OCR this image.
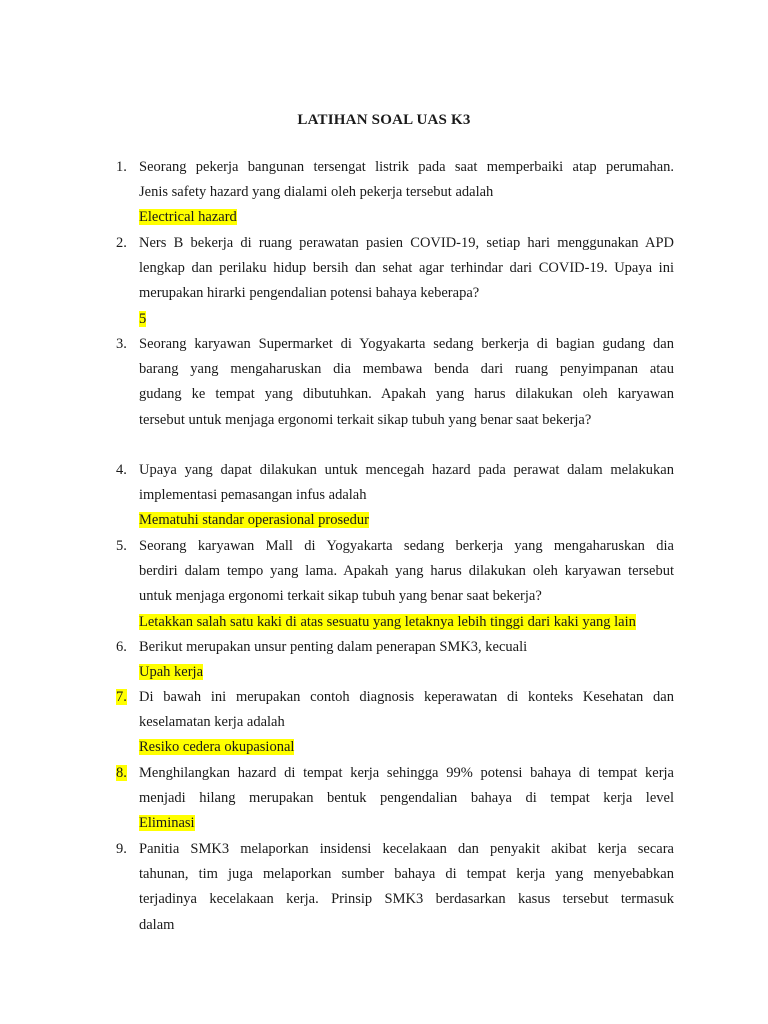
LATIHAN SOAL UAS K3
1. Seorang pekerja bangunan tersengat listrik pada saat memperbaiki atap perumahan.
Jenis safety hazard yang dialami oleh pekerja tersebut adalah
Electrical hazard
2. Ners B bekerja di ruang perawatan pasien COVID-19, setiap hari menggunakan APD
lengkap dan perilaku hidup bersih dan sehat agar terhindar dari COVID-19. Upaya ini
merupakan hirarki pengendalian potensi bahaya keberapa?
5
3. Seorang karyawan Supermarket di Yogyakarta sedang berkerja di bagian gudang dan
barang yang mengaharuskan dia membawa benda dari ruang penyimpanan atau
gudang ke tempat yang dibutuhkan. Apakah yang harus dilakukan oleh karyawan
tersebut untuk menjaga ergonomi terkait sikap tubuh yang benar saat bekerja?
4. Upaya yang dapat dilakukan untuk mencegah hazard pada perawat dalam melakukan
implementasi pemasangan infus adalah
Mematuhi standar operasional prosedur
5. Seorang karyawan Mall di Yogyakarta sedang berkerja yang mengaharuskan dia
berdiri dalam tempo yang lama. Apakah yang harus dilakukan oleh karyawan tersebut
untuk menjaga ergonomi terkait sikap tubuh yang benar saat bekerja?
Letakkan salah satu kaki di atas sesuatu yang letaknya lebih tinggi dari kaki yang lain
6. Berikut merupakan unsur penting dalam penerapan SMK3, kecuali
Upah kerja
7. Di bawah ini merupakan contoh diagnosis keperawatan di konteks Kesehatan dan
keselamatan kerja adalah
Resiko cedera okupasional
8. Menghilangkan hazard di tempat kerja sehingga 99% potensi bahaya di tempat kerja
menjadi hilang merupakan bentuk pengendalian bahaya di tempat kerja level
Eliminasi
9. Panitia SMK3 melaporkan insidensi kecelakaan dan penyakit akibat kerja secara
tahunan, tim juga melaporkan sumber bahaya di tempat kerja yang menyebabkan
terjadinya kecelakaan kerja. Prinsip SMK3 berdasarkan kasus tersebut termasuk
dalam
